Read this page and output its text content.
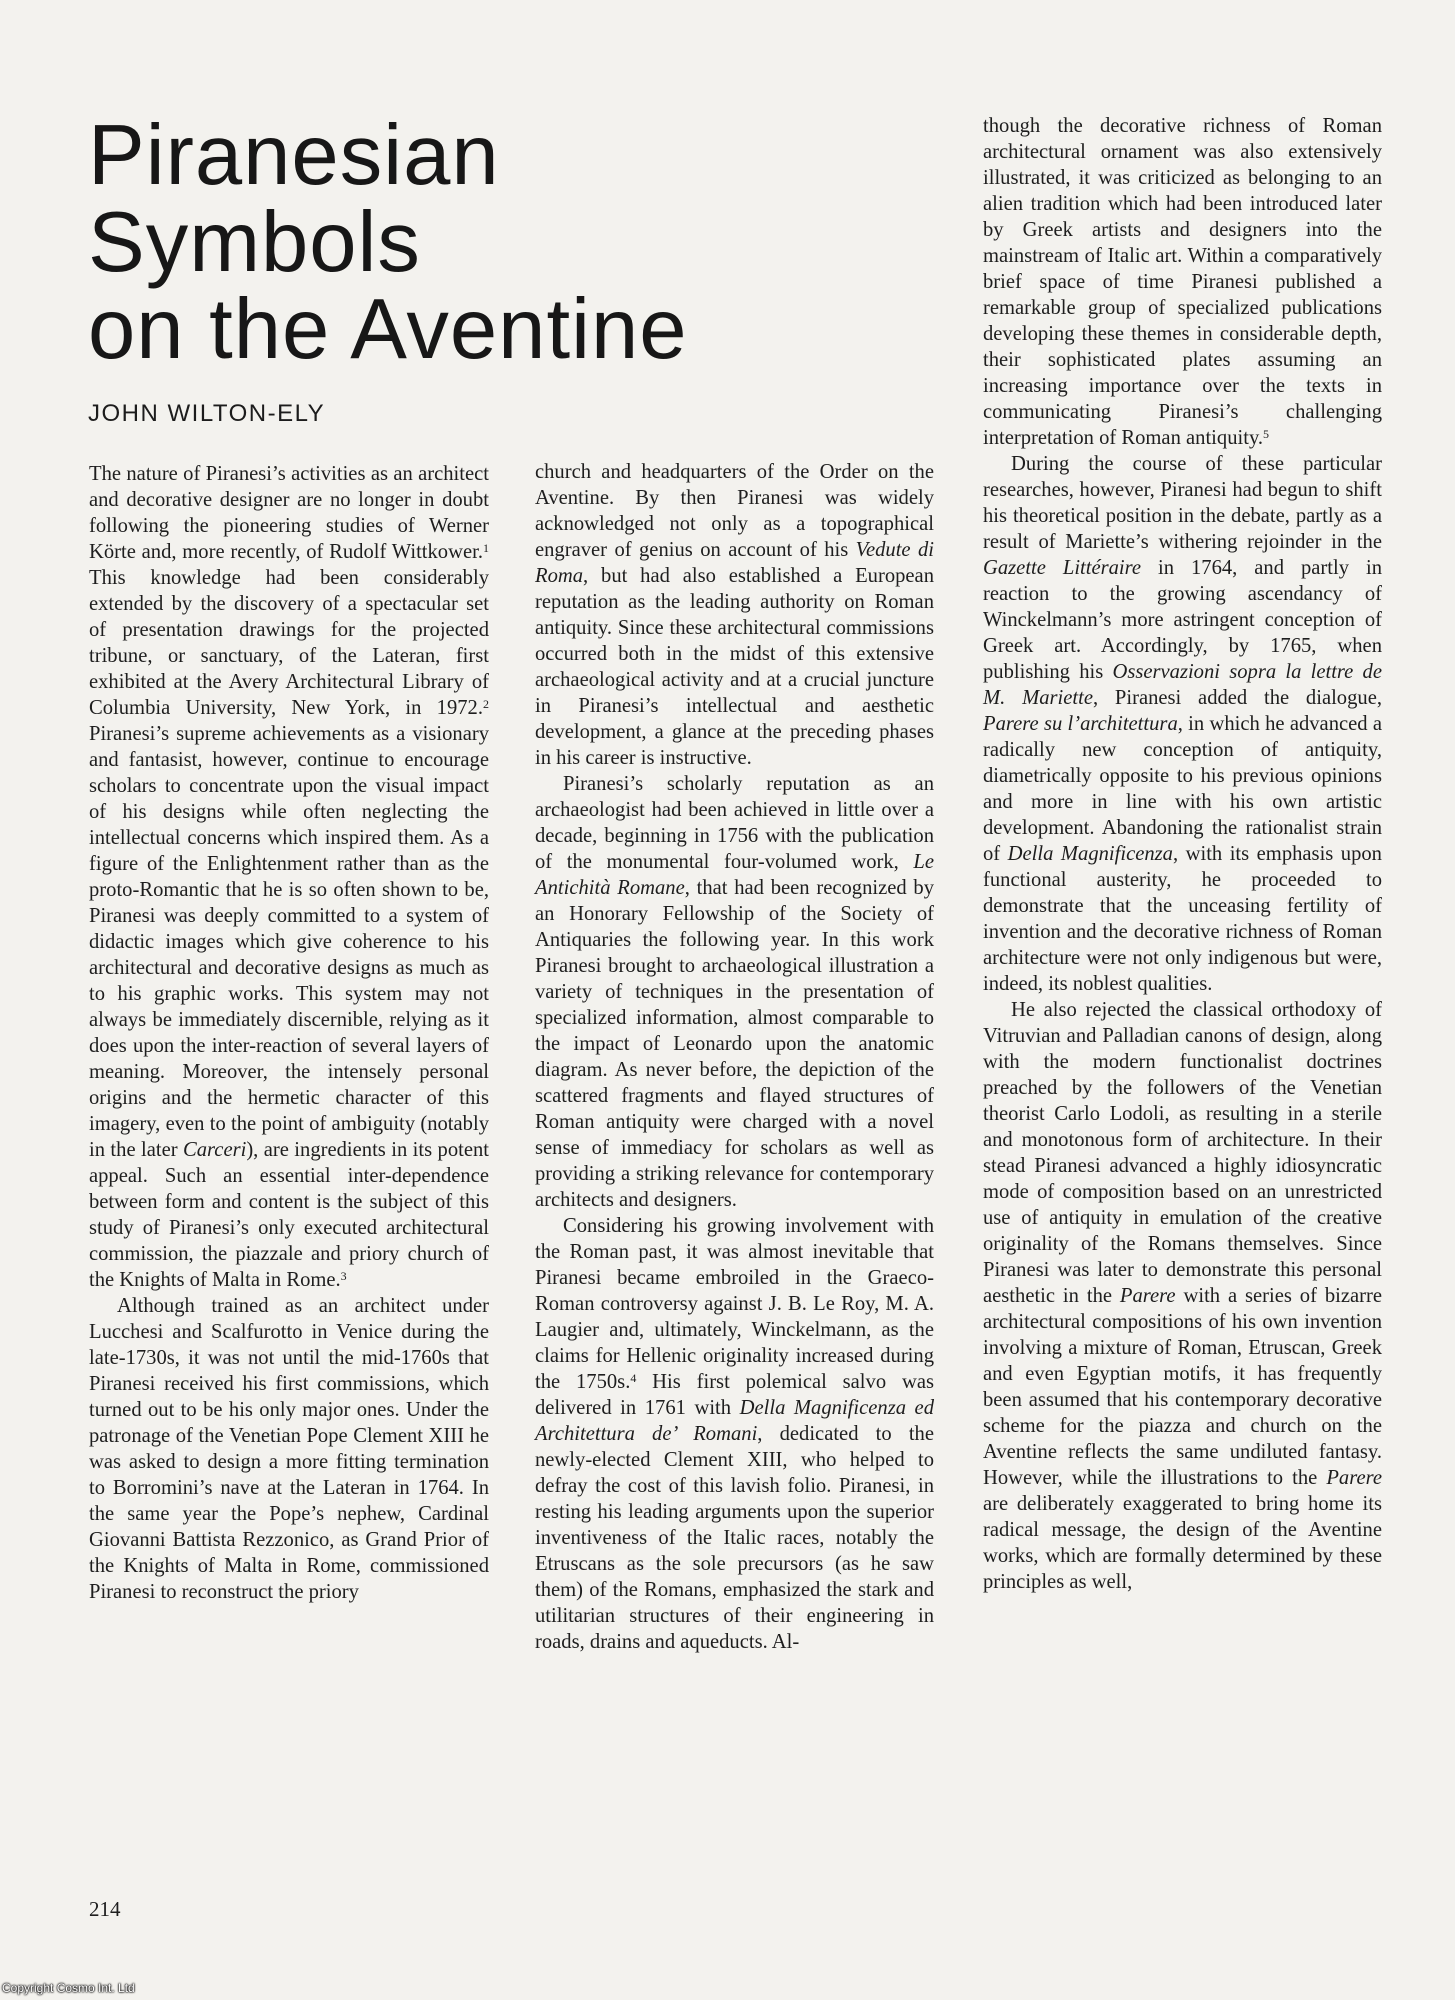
Piranesian
Symbols
on the Aventine
JOHN WILTON-ELY

The nature of Piranesi’s activities as an architect and decorative designer are no longer in doubt following the pioneering studies of Werner Körte and, more recently, of Rudolf Wittkower.$^1$ This knowledge had been considerably extended by the discovery of a spectacular set of presentation drawings for the projected tribune, or sanctuary, of the Lateran, first exhibited at the Avery Architectural Library of Columbia University, New York, in 1972.$^2$ Piranesi’s supreme achievements as a visionary and fantasist, however, continue to encourage scholars to concentrate upon the visual impact of his designs while often neglecting the intellectual concerns which inspired them. As a figure of the Enlightenment rather than as the proto-Romantic that he is so often shown to be, Piranesi was deeply committed to a system of didactic images which give coherence to his architectural and decorative designs as much as to his graphic works. This system may not always be immediately discernible, relying as it does upon the inter-reaction of several layers of meaning. Moreover, the intensely personal origins and the hermetic character of this imagery, even to the point of ambiguity (notably in the later Carceri), are ingredients in its potent appeal. Such an essential inter-dependence between form and content is the subject of this study of Piranesi’s only executed architectural commission, the piazzale and priory church of the Knights of Malta in Rome.$^3$

Although trained as an architect under Lucchesi and Scalfurotto in Venice during the late-1730s, it was not until the mid-1760s that Piranesi received his first commissions, which turned out to be his only major ones. Under the patronage of the Venetian Pope Clement XIII he was asked to design a more fitting termination to Borromini’s nave at the Lateran in 1764. In the same year the Pope’s nephew, Cardinal Giovanni Battista Rezzonico, as Grand Prior of the Knights of Malta in Rome, commissioned Piranesi to reconstruct the priory

church and headquarters of the Order on the Aventine. By then Piranesi was widely acknowledged not only as a topographical engraver of genius on account of his Vedute di Roma, but had also established a European reputation as the leading authority on Roman antiquity. Since these architectural commissions occurred both in the midst of this extensive archaeological activity and at a crucial juncture in Piranesi’s intellectual and aesthetic development, a glance at the preceding phases in his career is instructive.

Piranesi’s scholarly reputation as an archaeologist had been achieved in little over a decade, beginning in 1756 with the publication of the monumental four-volumed work, Le Antichità Romane, that had been recognized by an Honorary Fellowship of the Society of Antiquaries the following year. In this work Piranesi brought to archaeological illustration a variety of techniques in the presentation of specialized information, almost comparable to the impact of Leonardo upon the anatomic diagram. As never before, the depiction of the scattered fragments and flayed structures of Roman antiquity were charged with a novel sense of immediacy for scholars as well as providing a striking relevance for contemporary architects and designers.

Considering his growing involvement with the Roman past, it was almost inevitable that Piranesi became embroiled in the Graeco-Roman controversy against J. B. Le Roy, M. A. Laugier and, ultimately, Winckelmann, as the claims for Hellenic originality increased during the 1750s.$^4$ His first polemical salvo was delivered in 1761 with Della Magnificenza ed Architettura de’ Romani, dedicated to the newly-elected Clement XIII, who helped to defray the cost of this lavish folio. Piranesi, in resting his leading arguments upon the superior inventiveness of the Italic races, notably the Etruscans as the sole precursors (as he saw them) of the Romans, emphasized the stark and utilitarian structures of their engineering in roads, drains and aqueducts. Al-

though the decorative richness of Roman architectural ornament was also extensively illustrated, it was criticized as belonging to an alien tradition which had been introduced later by Greek artists and designers into the mainstream of Italic art. Within a comparatively brief space of time Piranesi published a remarkable group of specialized publications developing these themes in considerable depth, their sophisticated plates assuming an increasing importance over the texts in communicating Piranesi’s challenging interpretation of Roman antiquity.$^5$

During the course of these particular researches, however, Piranesi had begun to shift his theoretical position in the debate, partly as a result of Mariette’s withering rejoinder in the Gazette Littéraire in 1764, and partly in reaction to the growing ascendancy of Winckelmann’s more astringent conception of Greek art. Accordingly, by 1765, when publishing his Osservazioni sopra la lettre de M. Mariette, Piranesi added the dialogue, Parere su l’architettura, in which he advanced a radically new conception of antiquity, diametrically opposite to his previous opinions and more in line with his own artistic development. Abandoning the rationalist strain of Della Magnificenza, with its emphasis upon functional austerity, he proceeded to demonstrate that the unceasing fertility of invention and the decorative richness of Roman architecture were not only indigenous but were, indeed, its noblest qualities.

He also rejected the classical orthodoxy of Vitruvian and Palladian canons of design, along with the modern functionalist doctrines preached by the followers of the Venetian theorist Carlo Lodoli, as resulting in a sterile and monotonous form of architecture. In their stead Piranesi advanced a highly idiosyncratic mode of composition based on an unrestricted use of antiquity in emulation of the creative originality of the Romans themselves. Since Piranesi was later to demonstrate this personal aesthetic in the Parere with a series of bizarre architectural compositions of his own invention involving a mixture of Roman, Etruscan, Greek and even Egyptian motifs, it has frequently been assumed that his contemporary decorative scheme for the piazza and church on the Aventine reflects the same undiluted fantasy. However, while the illustrations to the Parere are deliberately exaggerated to bring home its radical message, the design of the Aventine works, which are formally determined by these principles as well,

214
Copyright Cosmo Int. Ltd
